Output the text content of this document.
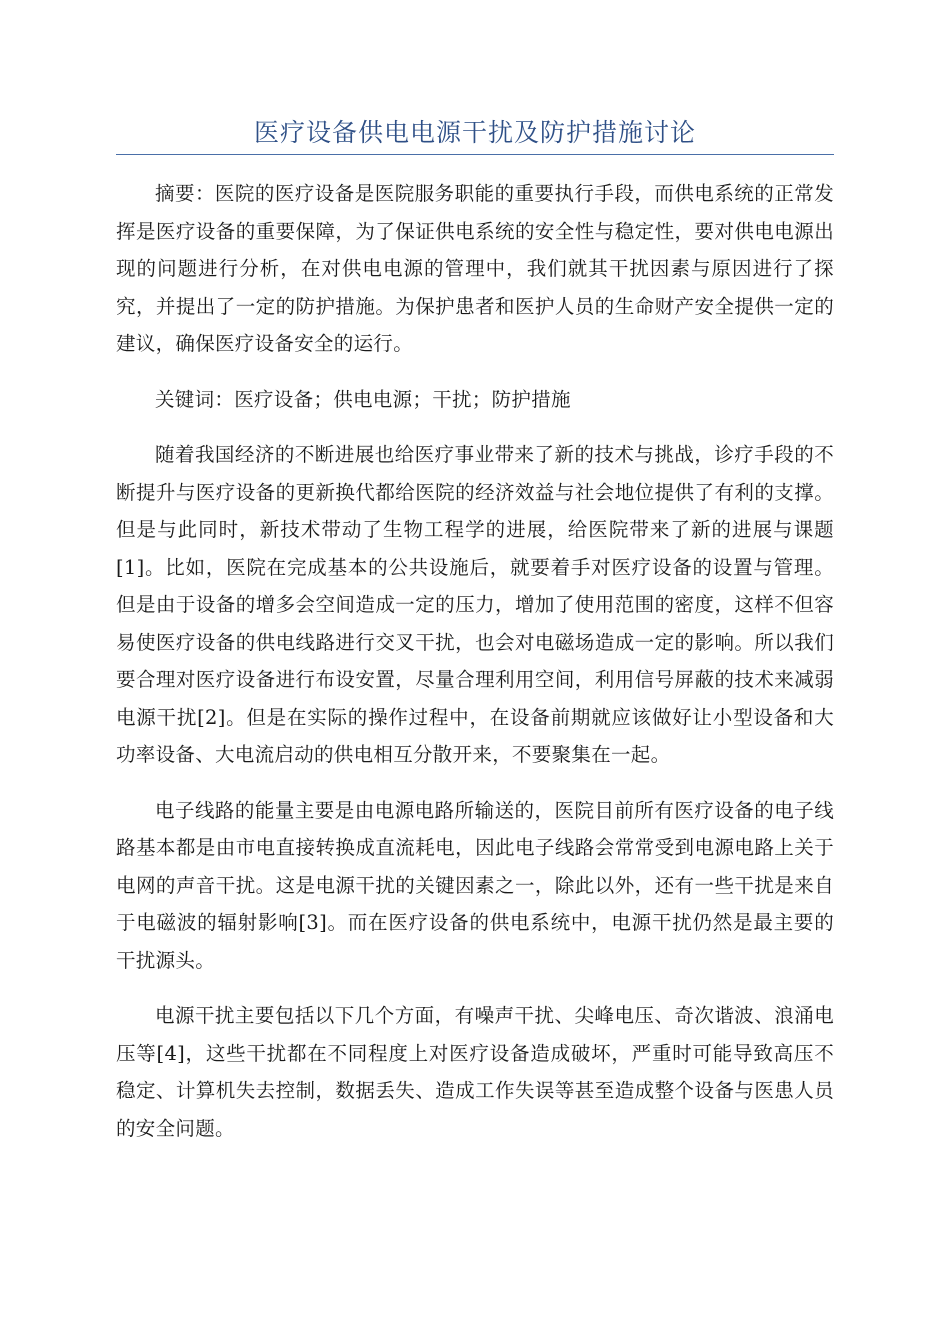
医疗设备供电电源干扰及防护措施讨论

摘要：医院的医疗设备是医院服务职能的重要执行手段，而供电系统的正常发挥是医疗设备的重要保障，为了保证供电系统的安全性与稳定性，要对供电电源出现的问题进行分析，在对供电电源的管理中，我们就其干扰因素与原因进行了探究，并提出了一定的防护措施。为保护患者和医护人员的生命财产安全提供一定的建议，确保医疗设备安全的运行。

关键词：医疗设备；供电电源；干扰；防护措施

随着我国经济的不断进展也给医疗事业带来了新的技术与挑战，诊疗手段的不断提升与医疗设备的更新换代都给医院的经济效益与社会地位提供了有利的支撑。但是与此同时，新技术带动了生物工程学的进展，给医院带来了新的进展与课题[1]。比如，医院在完成基本的公共设施后，就要着手对医疗设备的设置与管理。但是由于设备的增多会空间造成一定的压力，增加了使用范围的密度，这样不但容易使医疗设备的供电线路进行交叉干扰，也会对电磁场造成一定的影响。所以我们要合理对医疗设备进行布设安置，尽量合理利用空间，利用信号屏蔽的技术来减弱电源干扰[2]。但是在实际的操作过程中，在设备前期就应该做好让小型设备和大功率设备、大电流启动的供电相互分散开来，不要聚集在一起。

电子线路的能量主要是由电源电路所输送的，医院目前所有医疗设备的电子线路基本都是由市电直接转换成直流耗电，因此电子线路会常常受到电源电路上关于电网的声音干扰。这是电源干扰的关键因素之一，除此以外，还有一些干扰是来自于电磁波的辐射影响[3]。而在医疗设备的供电系统中，电源干扰仍然是最主要的干扰源头。

电源干扰主要包括以下几个方面，有噪声干扰、尖峰电压、奇次谐波、浪涌电压等[4]，这些干扰都在不同程度上对医疗设备造成破坏，严重时可能导致高压不稳定、计算机失去控制，数据丢失、造成工作失误等甚至造成整个设备与医患人员的安全问题。
